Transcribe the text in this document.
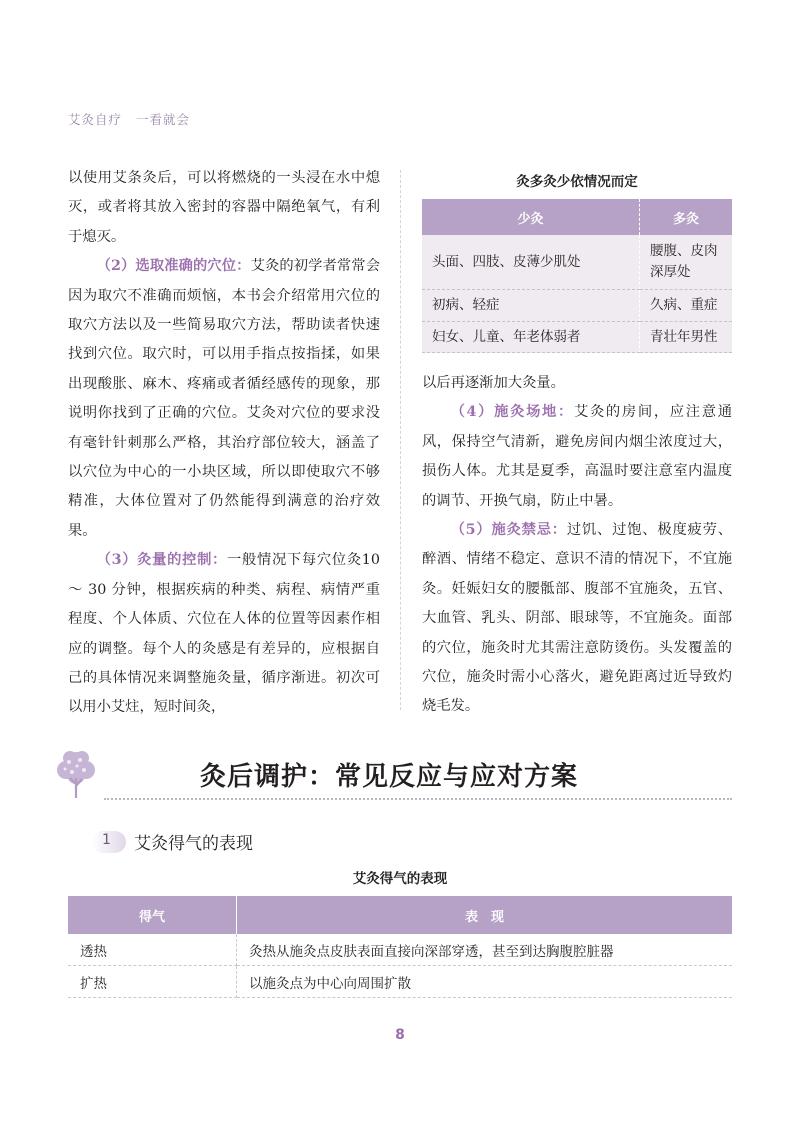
艾灸自疗 一看就会

以使用艾条灸后，可以将燃烧的一头浸在水中熄灭，或者将其放入密封的容器中隔绝氧气，有利于熄灭。

（2）选取准确的穴位：艾灸的初学者常常会因为取穴不准确而烦恼，本书会介绍常用穴位的取穴方法以及一些简易取穴方法，帮助读者快速找到穴位。取穴时，可以用手指点按指揉，如果出现酸胀、麻木、疼痛或者循经感传的现象，那说明你找到了正确的穴位。艾灸对穴位的要求没有毫针针刺那么严格，其治疗部位较大，涵盖了以穴位为中心的一小块区域，所以即使取穴不够精准，大体位置对了仍然能得到满意的治疗效果。

（3）灸量的控制：一般情况下每穴位灸10 ～ 30 分钟，根据疾病的种类、病程、病情严重程度、个人体质、穴位在人体的位置等因素作相应的调整。每个人的灸感是有差异的，应根据自己的具体情况来调整施灸量，循序渐进。初次可以用小艾炷，短时间灸，

灸多灸少依情况而定
少灸	多灸
头面、四肢、皮薄少肌处	腰腹、皮肉深厚处
初病、轻症	久病、重症
妇女、儿童、年老体弱者	青壮年男性

以后再逐渐加大灸量。

（4）施灸场地：艾灸的房间，应注意通风，保持空气清新，避免房间内烟尘浓度过大，损伤人体。尤其是夏季，高温时要注意室内温度的调节、开换气扇，防止中暑。

（5）施灸禁忌：过饥、过饱、极度疲劳、醉酒、情绪不稳定、意识不清的情况下，不宜施灸。妊娠妇女的腰骶部、腹部不宜施灸，五官、大血管、乳头、阴部、眼球等，不宜施灸。面部的穴位，施灸时尤其需注意防烫伤。头发覆盖的穴位，施灸时需小心落火，避免距离过近导致灼烧毛发。

灸后调护：常见反应与应对方案
1 艾灸得气的表现
艾灸得气的表现
得气	表　现
透热	灸热从施灸点皮肤表面直接向深部穿透，甚至到达胸腹腔脏器
扩热	以施灸点为中心向周围扩散
8
